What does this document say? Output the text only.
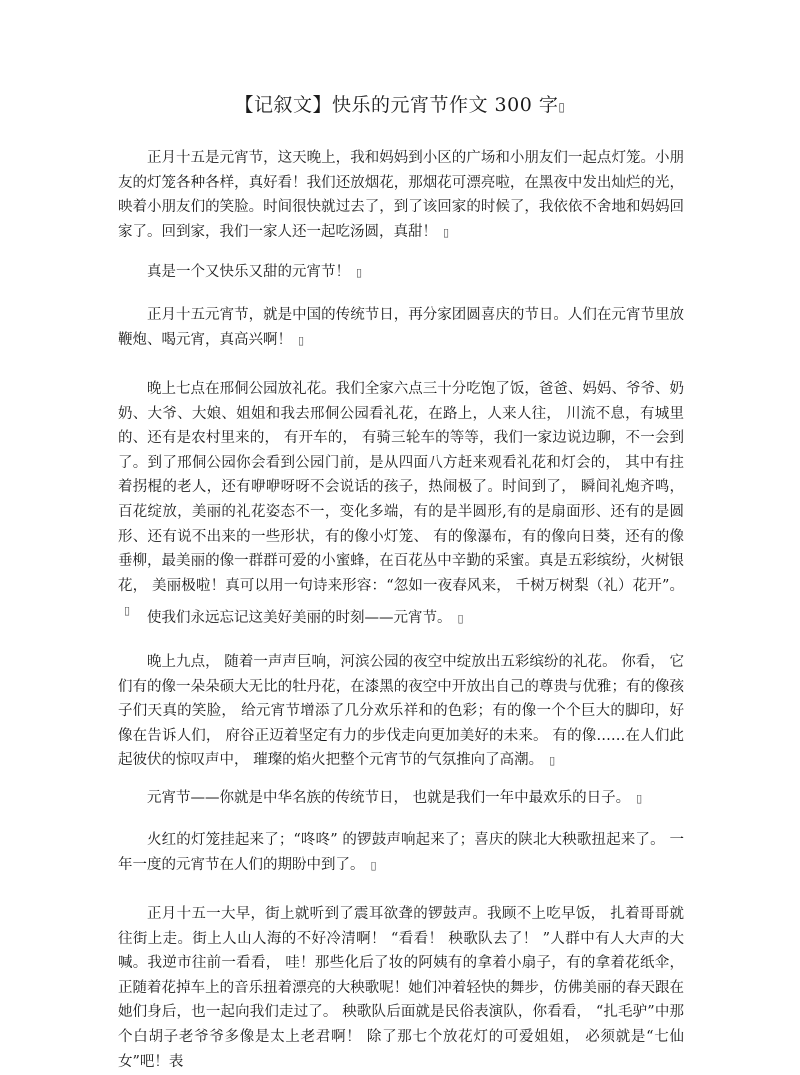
【记叙文】快乐的元宵节作文 300 字▯

正月十五是元宵节，这天晚上，我和妈妈到小区的广场和小朋友们一起点灯笼。小朋友的灯笼各种各样，真好看！我们还放烟花，那烟花可漂亮啦，在黑夜中发出灿烂的光，映着小朋友们的笑脸。时间很快就过去了，到了该回家的时候了，我依依不舍地和妈妈回家了。回到家，我们一家人还一起吃汤圆，真甜！ ▯

真是一个又快乐又甜的元宵节！ ▯

正月十五元宵节，就是中国的传统节日，再分家团圆喜庆的节日。人们在元宵节里放鞭炮、喝元宵，真高兴啊！ ▯

晚上七点在邢侗公园放礼花。我们全家六点三十分吃饱了饭，爸爸、妈妈、爷爷、奶奶、大爷、大娘、姐姐和我去邢侗公园看礼花，在路上，人来人往， 川流不息，有城里的、还有是农村里来的， 有开车的， 有骑三轮车的等等，我们一家边说边聊，不一会到了。到了邢侗公园你会看到公园门前，是从四面八方赶来观看礼花和灯会的， 其中有拄着拐棍的老人，还有咿咿呀呀不会说话的孩子，热闹极了。时间到了， 瞬间礼炮齐鸣，百花绽放，美丽的礼花姿态不一，变化多端，有的是半圆形,有的是扇面形、还有的是圆形、还有说不出来的一些形状，有的像小灯笼、 有的像瀑布，有的像向日葵，还有的像垂柳，最美丽的像一群群可爱的小蜜蜂，在百花丛中辛勤的采蜜。真是五彩缤纷，火树银花， 美丽极啦！真可以用一句诗来形容：“忽如一夜春风来， 千树万树梨（礼）花开”。▯	使我们永远忘记这美好美丽的时刻——元宵节。 ▯

晚上九点， 随着一声声巨响，河滨公园的夜空中绽放出五彩缤纷的礼花。 你看， 它们有的像一朵朵硕大无比的牡丹花，在漆黑的夜空中开放出自己的尊贵与优雅；有的像孩子们天真的笑脸， 给元宵节增添了几分欢乐祥和的色彩；有的像一个个巨大的脚印，好像在告诉人们， 府谷正迈着坚定有力的步伐走向更加美好的未来。 有的像……在人们此起彼伏的惊叹声中， 璀璨的焰火把整个元宵节的气氛推向了高潮。 ▯

元宵节——你就是中华名族的传统节日， 也就是我们一年中最欢乐的日子。 ▯

火红的灯笼挂起来了；“咚咚” 的锣鼓声响起来了；喜庆的陕北大秧歌扭起来了。 一年一度的元宵节在人们的期盼中到了。 ▯

正月十五一大早，街上就听到了震耳欲聋的锣鼓声。我顾不上吃早饭， 扎着哥哥就往街上走。街上人山人海的不好冷清啊！ “看看！ 秧歌队去了！ ”人群中有人大声的大喊。我逆市往前一看看， 哇！那些化后了妆的阿姨有的拿着小扇子，有的拿着花纸伞，正随着花掉车上的音乐扭着漂亮的大秧歌呢！她们冲着轻快的舞步，仿佛美丽的春天跟在她们身后，也一起向我们走过了。 秧歌队后面就是民俗表演队，你看看， “扎毛驴”中那个白胡子老爷爷多像是太上老君啊！ 除了那七个放花灯的可爱姐姐， 必须就是“七仙女”吧！表
